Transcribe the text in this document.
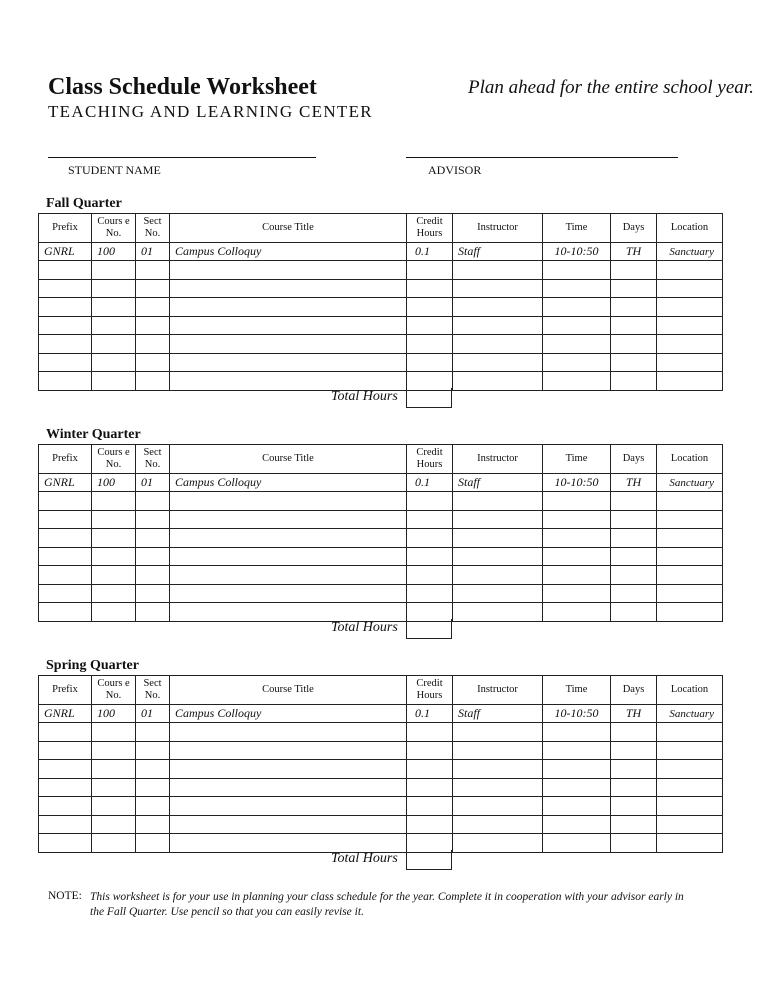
Class Schedule Worksheet	Plan ahead for the entire school year.
TEACHING AND LEARNING CENTER
STUDENT NAME	ADVISOR
Fall Quarter
Prefix	Cours e No.	Sect No.	Course Title	Credit Hours	Instructor	Time	Days	Location
GNRL	100	01	Campus Colloquy	0.1	Staff	10-10:50	TH	Sanctuary

Total Hours
Winter Quarter
Prefix	Cours e No.	Sect No.	Course Title	Credit Hours	Instructor	Time	Days	Location
GNRL	100	01	Campus Colloquy	0.1	Staff	10-10:50	TH	Sanctuary

Total Hours
Spring Quarter
Prefix	Cours e No.	Sect No.	Course Title	Credit Hours	Instructor	Time	Days	Location
GNRL	100	01	Campus Colloquy	0.1	Staff	10-10:50	TH	Sanctuary

Total Hours
NOTE: This worksheet is for your use in planning your class schedule for the year. Complete it in cooperation with your advisor early in the Fall Quarter. Use pencil so that you can easily revise it.
